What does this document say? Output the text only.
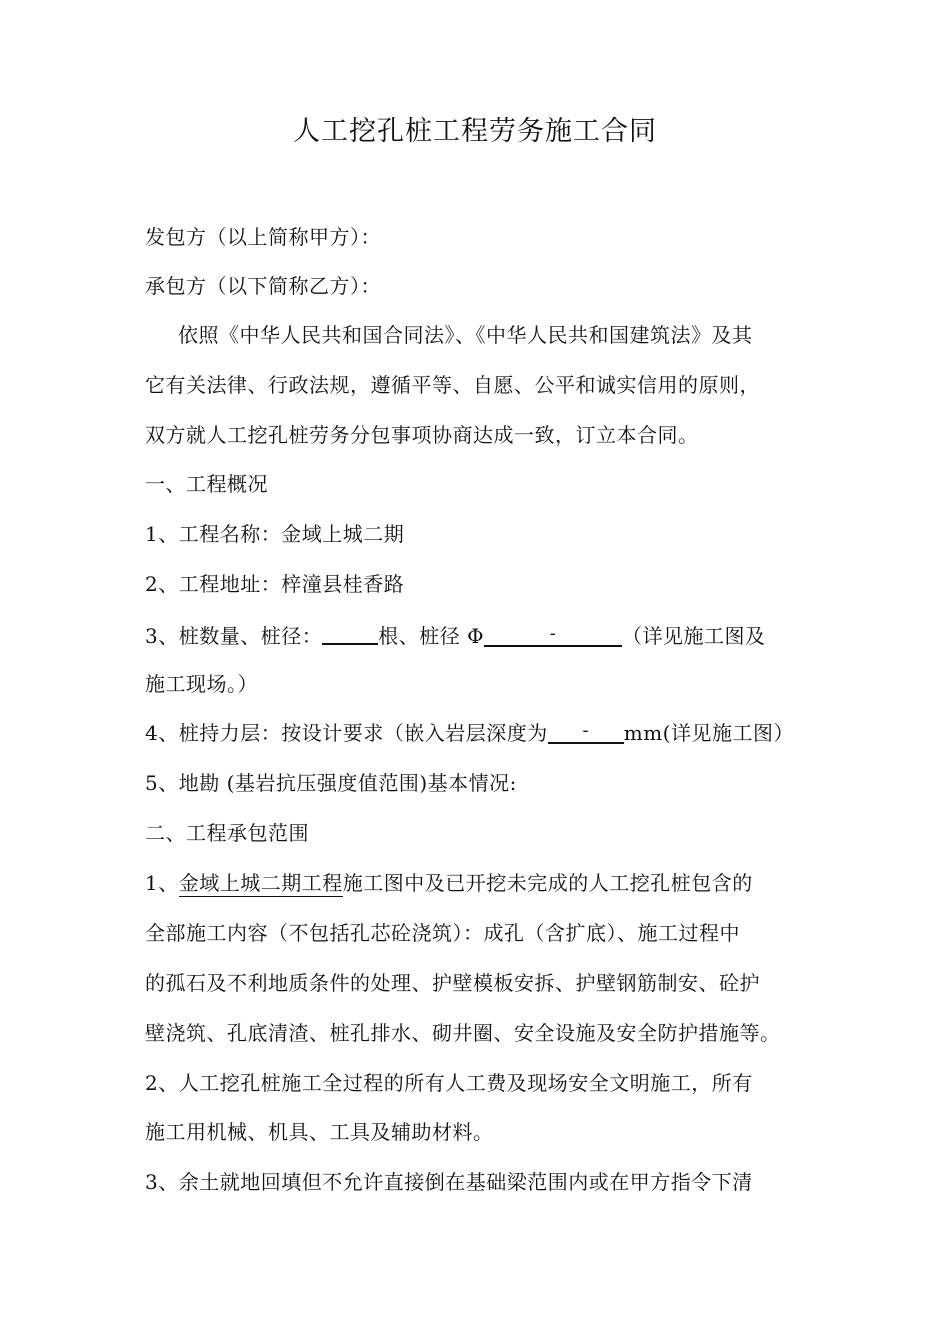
人工挖孔桩工程劳务施工合同
发包方（以上简称甲方）：
承包方（以下简称乙方）：
依照《中华人民共和国合同法》、《中华人民共和国建筑法》及其
它有关法律、行政法规，遵循平等、自愿、公平和诚实信用的原则，
双方就人工挖孔桩劳务分包事项协商达成一致，订立本合同。
一、工程概况
1、工程名称：金域上城二期
2、工程地址：梓潼县桂香路
3、桩数量、桩径：	根、桩径 Φ	-	（详见施工图及
施工现场。）
4、桩持力层：按设计要求（嵌入岩层深度为 - mm(详见施工图）
5、地勘 (基岩抗压强度值范围)基本情况:
二、工程承包范围
1、金域上城二期工程施工图中及已开挖未完成的人工挖孔桩包含的
全部施工内容（不包括孔芯砼浇筑）：成孔（含扩底）、施工过程中
的孤石及不利地质条件的处理、护壁模板安拆、护壁钢筋制安、砼护
壁浇筑、孔底清渣、桩孔排水、砌井圈、安全设施及安全防护措施等。
2、人工挖孔桩施工全过程的所有人工费及现场安全文明施工，所有
施工用机械、机具、工具及辅助材料。
3、余土就地回填但不允许直接倒在基础梁范围内或在甲方指令下清
